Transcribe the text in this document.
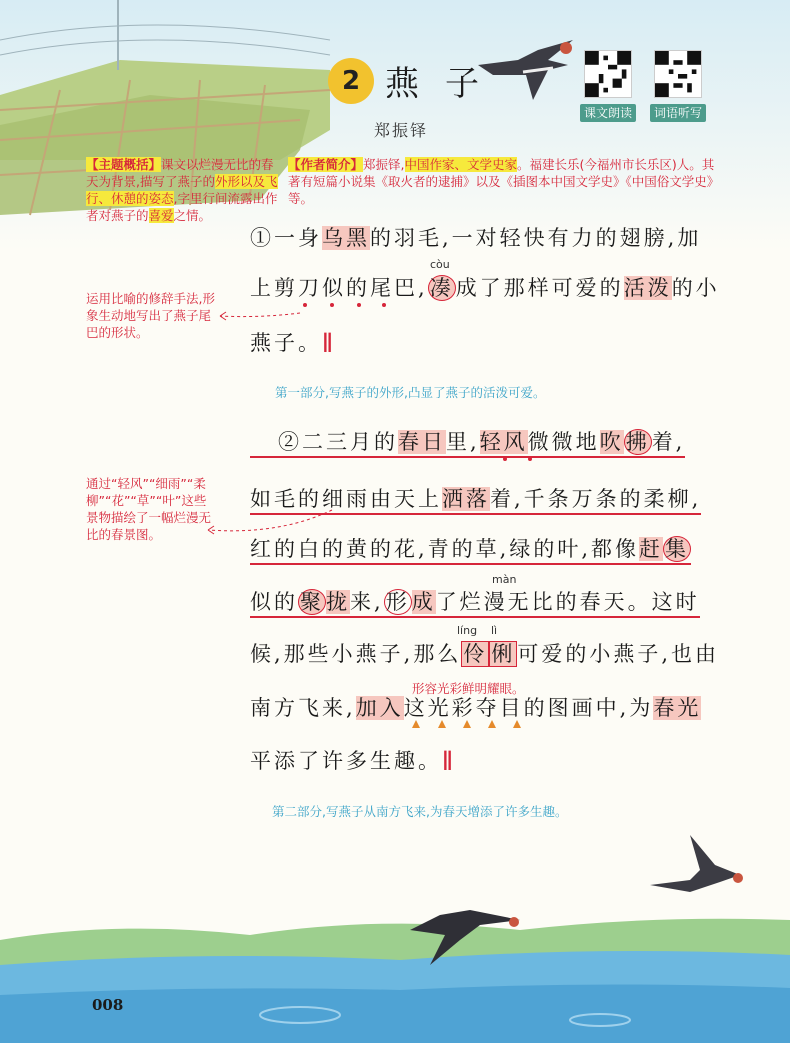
2 燕子
郑振铎
课文朗读	词语听写
【主题概括】课文以烂漫无比的春天为背景,描写了燕子的外形以及飞行、休憩的姿态,字里行间流露出作者对燕子的喜爱之情。
【作者简介】郑振铎,中国作家、文学史家。福建长乐(今福州市长乐区)人。其著有短篇小说集《取火者的逮捕》以及《插图本中国文学史》《中国俗文学史》等。
①一身乌黑的羽毛,一对轻快有力的翅膀,加
còu
上剪刀似的尾巴,凑成了那样可爱的活泼的小
燕子。∥
运用比喻的修辞手法,形象生动地写出了燕子尾巴的形状。
第一部分,写燕子的外形,凸显了燕子的活泼可爱。
②二三月的春日里,轻风微微地吹拂着,
如毛的细雨由天上洒落着,千条万条的柔柳,
红的白的黄的花,青的草,绿的叶,都像赶集
màn
似的聚拢来,形成了烂漫无比的春天。这时
líng lì
候,那些小燕子,那么伶 俐可爱的小燕子,也由
形容光彩鲜明耀眼。
南方飞来,加入这光彩夺目的图画中,为春光
平添了许多生趣。∥
通过“轻风”“细雨”“柔柳”“花”“草”“叶”这些景物描绘了一幅烂漫无比的春景图。
第二部分,写燕子从南方飞来,为春天增添了许多生趣。
008
